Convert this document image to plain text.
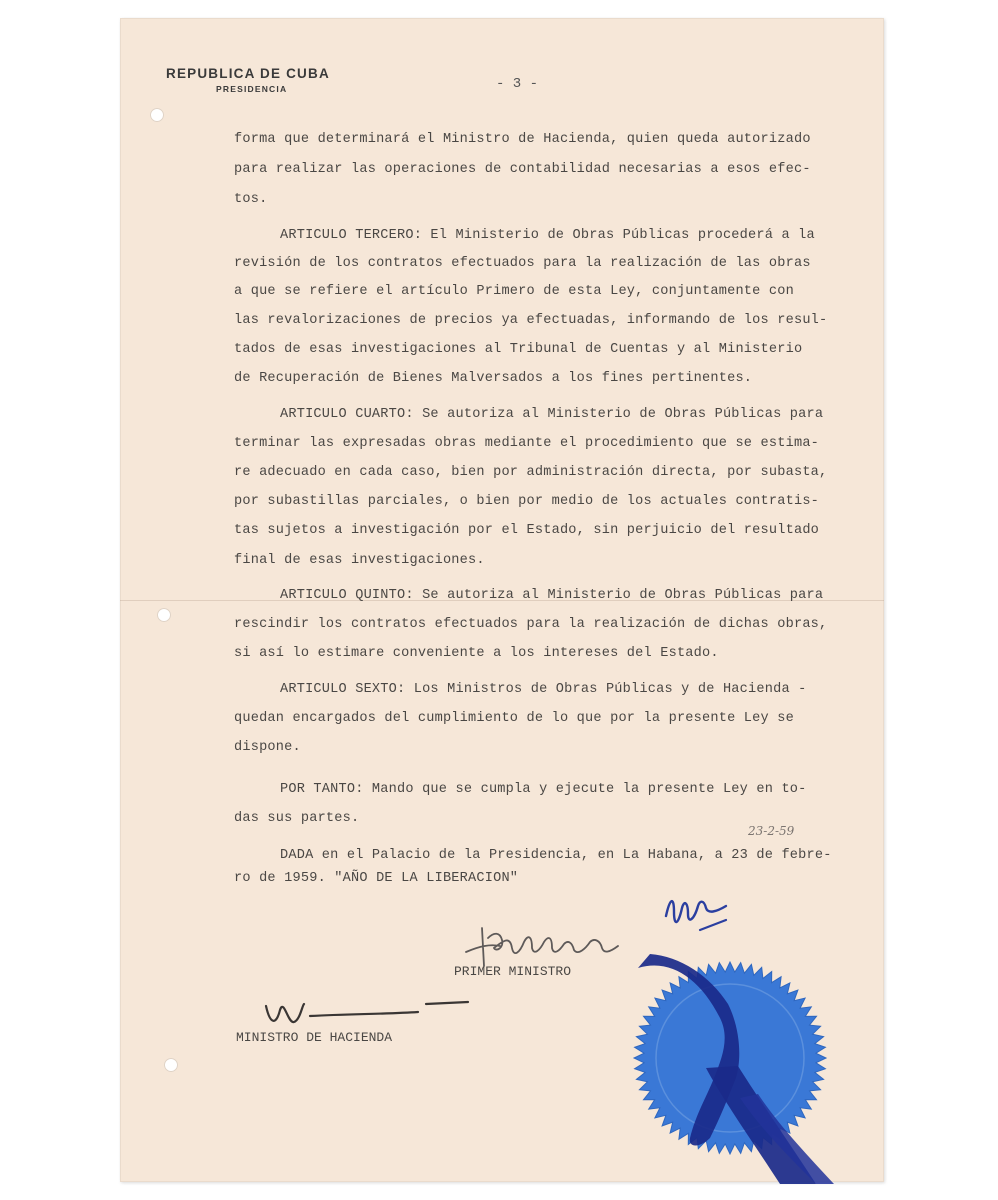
REPUBLICA DE CUBA
PRESIDENCIA	- 3 -
forma que determinará el Ministro de Hacienda, quien queda autorizado
para realizar las operaciones de contabilidad necesarias a esos efec-
tos.
ARTICULO TERCERO: El Ministerio de Obras Públicas procederá a la
revisión de los contratos efectuados para la realización de las obras
a que se refiere el artículo Primero de esta Ley, conjuntamente con
las revalorizaciones de precios ya efectuadas, informando de los resul-
tados de esas investigaciones al Tribunal de Cuentas y al Ministerio
de Recuperación de Bienes Malversados a los fines pertinentes.
ARTICULO CUARTO: Se autoriza al Ministerio de Obras Públicas para
terminar las expresadas obras mediante el procedimiento que se estima-
re adecuado en cada caso, bien por administración directa, por subasta,
por subastillas parciales, o bien por medio de los actuales contratis-
tas sujetos a investigación por el Estado, sin perjuicio del resultado
final de esas investigaciones.
ARTICULO QUINTO: Se autoriza al Ministerio de Obras Públicas para
rescindir los contratos efectuados para la realización de dichas obras,
si así lo estimare conveniente a los intereses del Estado.
ARTICULO SEXTO: Los Ministros de Obras Públicas y de Hacienda -
quedan encargados del cumplimiento de lo que por la presente Ley se
dispone.
POR TANTO: Mando que se cumpla y ejecute la presente Ley en to-
das sus partes.
23-2-59
DADA en el Palacio de la Presidencia, en La Habana, a 23 de febre-
ro de 1959. "AÑO DE LA LIBERACION"
PRIMER MINISTRO
MINISTRO DE HACIENDA
